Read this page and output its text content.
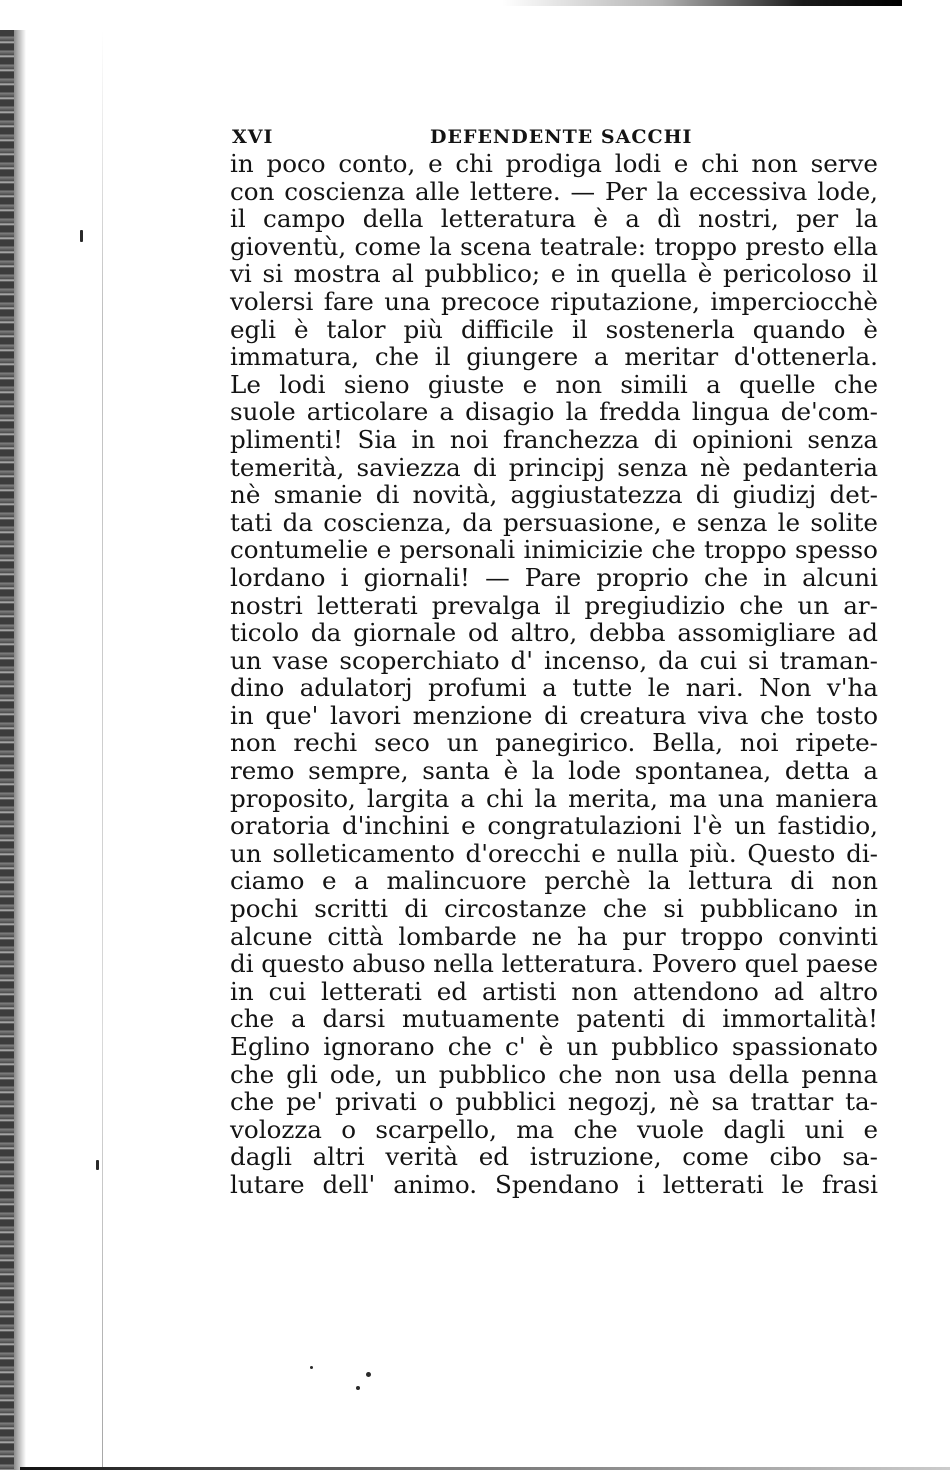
XVI	DEFENDENTE SACCHI
in poco conto, e chi prodiga lodi e chi non serve
con coscienza alle lettere. — Per la eccessiva lode,
il campo della letteratura è a dì nostri, per la
gioventù, come la scena teatrale: troppo presto ella
vi si mostra al pubblico; e in quella è pericoloso il
volersi fare una precoce riputazione, imperciocchè
egli è talor più difficile il sostenerla quando è
immatura, che il giungere a meritar d'ottenerla.
Le lodi sieno giuste e non simili a quelle che
suole articolare a disagio la fredda lingua de'com-
plimenti! Sia in noi franchezza di opinioni senza
temerità, saviezza di principj senza nè pedanteria
nè smanie di novità, aggiustatezza di giudizj det-
tati da coscienza, da persuasione, e senza le solite
contumelie e personali inimicizie che troppo spesso
lordano i giornali! — Pare proprio che in alcuni
nostri letterati prevalga il pregiudizio che un ar-
ticolo da giornale od altro, debba assomigliare ad
un vase scoperchiato d' incenso, da cui si traman-
dino adulatorj profumi a tutte le nari. Non v'ha
in que' lavori menzione di creatura viva che tosto
non rechi seco un panegirico. Bella, noi ripete-
remo sempre, santa è la lode spontanea, detta a
proposito, largita a chi la merita, ma una maniera
oratoria d'inchini e congratulazioni l'è un fastidio,
un solleticamento d'orecchi e nulla più. Questo di-
ciamo e a malincuore perchè la lettura di non
pochi scritti di circostanze che si pubblicano in
alcune città lombarde ne ha pur troppo convinti
di questo abuso nella letteratura. Povero quel paese
in cui letterati ed artisti non attendono ad altro
che a darsi mutuamente patenti di immortalità!
Eglino ignorano che c' è un pubblico spassionato
che gli ode, un pubblico che non usa della penna
che pe' privati o pubblici negozj, nè sa trattar ta-
volozza o scarpello, ma che vuole dagli uni e
dagli altri verità ed istruzione, come cibo sa-
lutare dell' animo. Spendano i letterati le frasi
